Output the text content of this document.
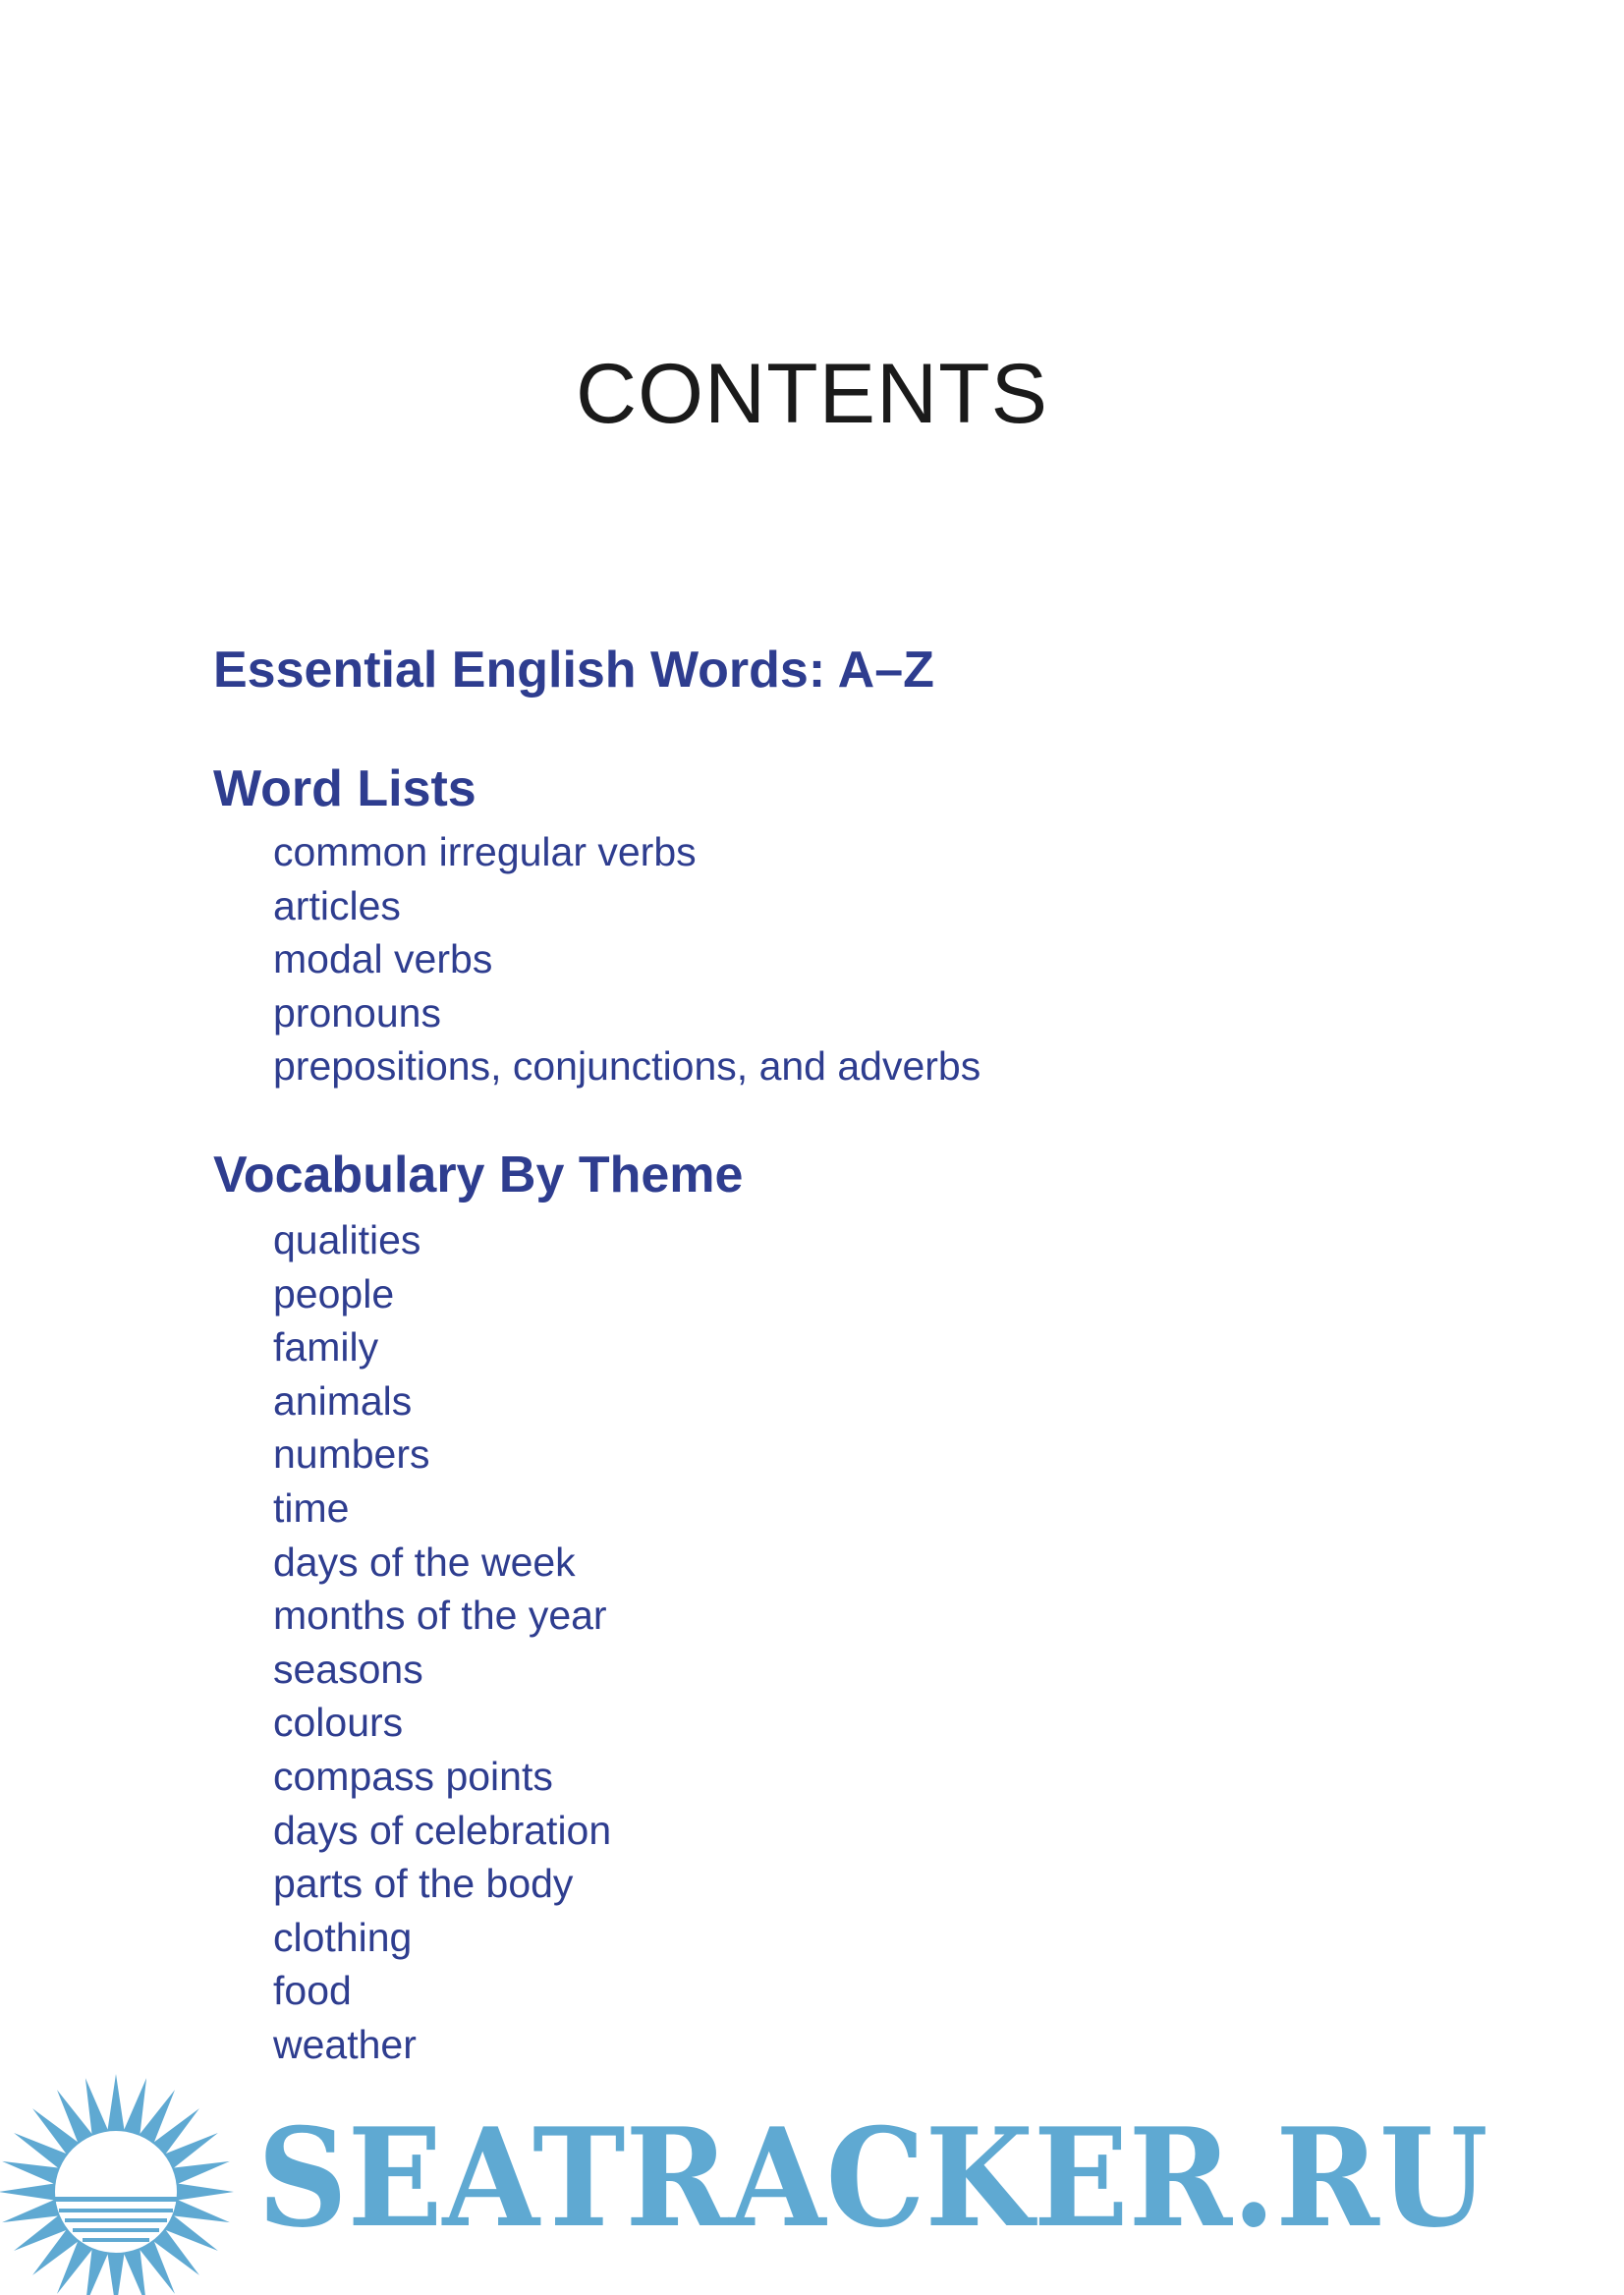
CONTENTS
Essential English Words: A–Z
Word Lists
common irregular verbs
articles
modal verbs
pronouns
prepositions, conjunctions, and adverbs
Vocabulary By Theme
qualities
people
family
animals
numbers
time
days of the week
months of the year
seasons
colours
compass points
days of celebration
parts of the body
clothing
food
weather
SEATRACKER.RU
